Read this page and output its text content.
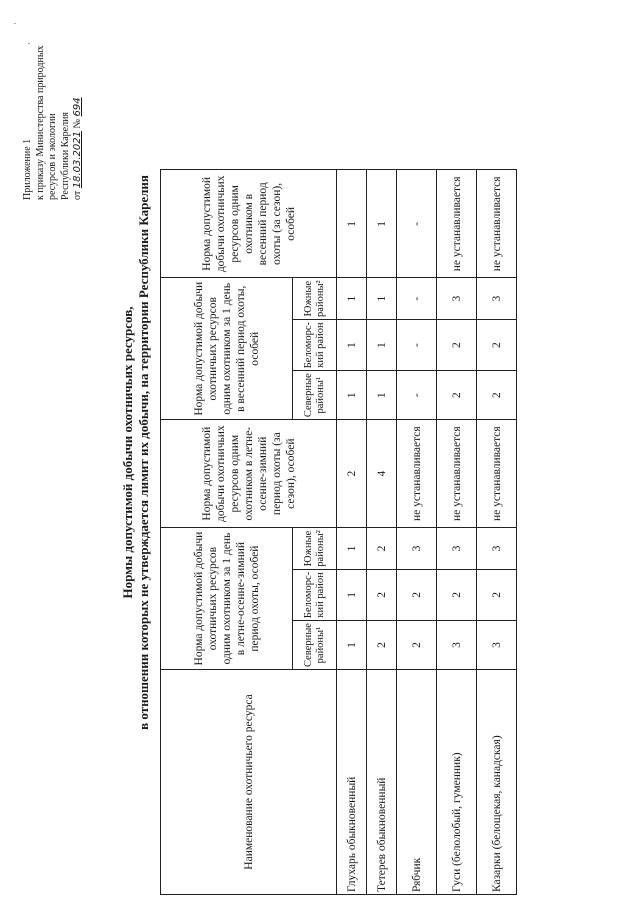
Приложение 1 к приказу Министерства природных ресурсов и экологии Республики Карелия от 18.03.2021 № 694
Нормы допустимой добычи охотничьих ресурсов, в отношении которых не утверждается лимит их добычи, на территории Республики Карелия
Наименование охотничьего ресурса	Норма допустимой добычи охотничьих ресурсов одним охотником за 1 день в летне-осенне-зимний период охоты, особей			Норма допустимой добычи охотничьих ресурсов одним охотником в летне-осенне-зимний период охоты (за сезон), особей	Норма допустимой добычи охотничьих ресурсов одним охотником за 1 день в весенний период охоты, особей			Норма допустимой добычи охотничьих ресурсов одним охотником в весенний период охоты (за сезон), особей
	Северные районы¹	Беломорс-кий район	Южные районы²		Северные районы¹	Беломорс-кий район	Южные районы²	
Глухарь обыкновенный	1	1	1	2	1	1	1	1
Тетерев обыкновенный	2	2	2	4	1	1	1	1
Рябчик	2	2	3	не устанавливается	-	-	-	-
Гуси (белолобый, гуменник)	3	2	3	не устанавливается	2	2	3	не устанавливается
Казарки (белощекая, канадская)	3	2	3	не устанавливается	2	2	3	не устанавливается
·
·
